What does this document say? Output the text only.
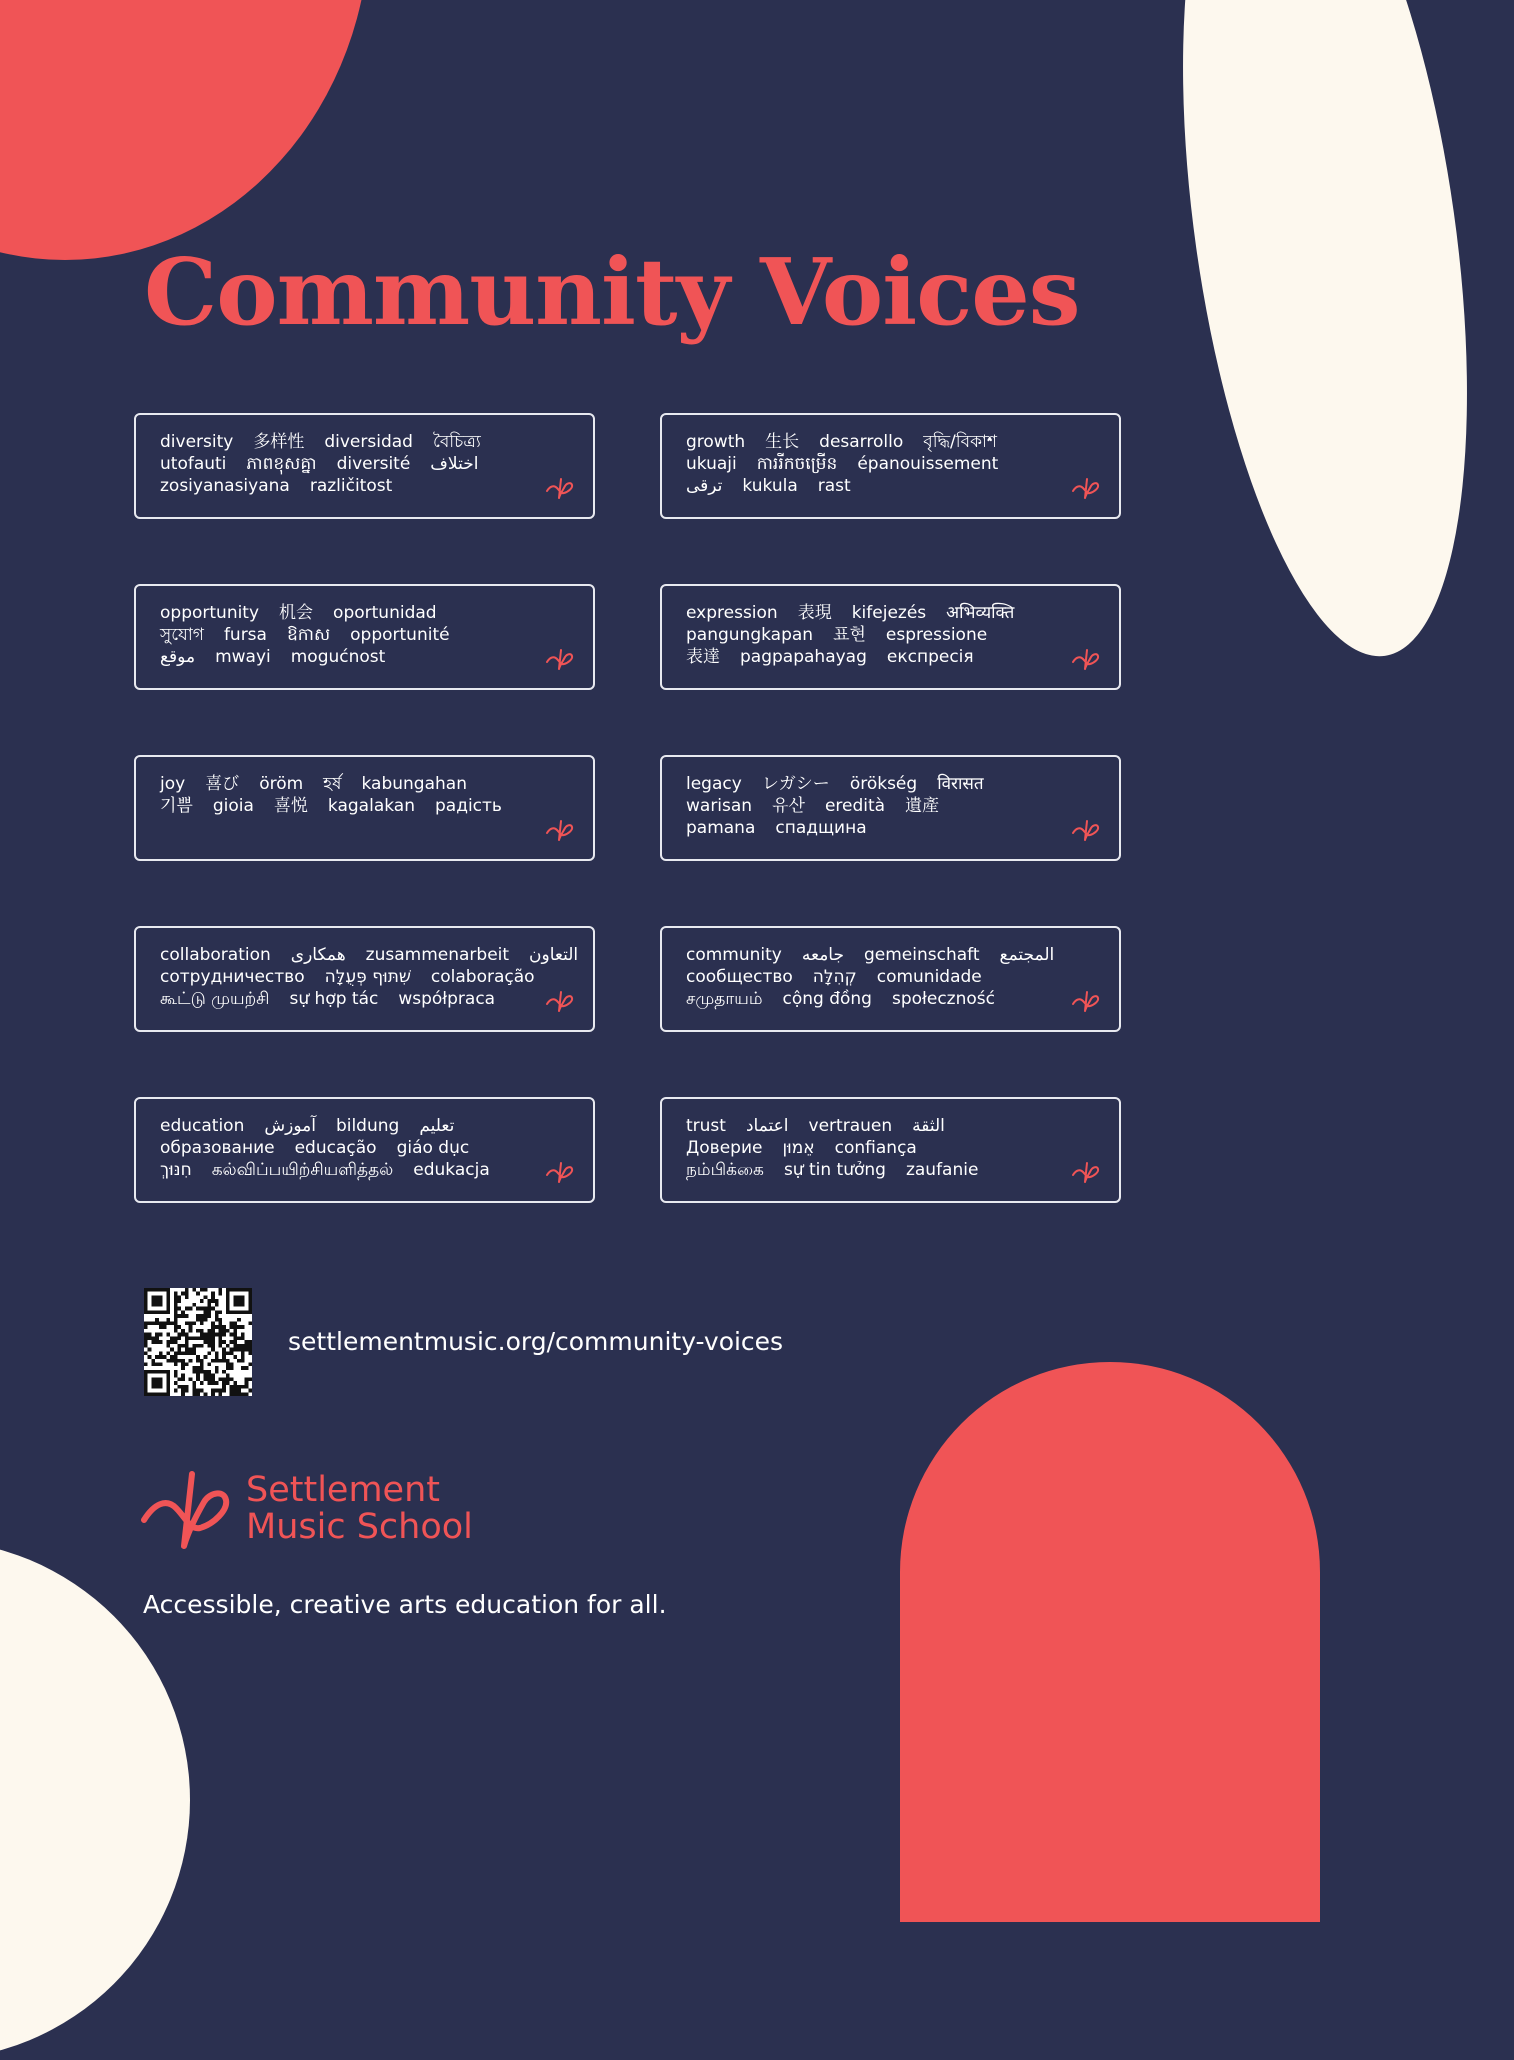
Community Voices
diversity 多样性 diversidad বৈচিত্র্য
utofauti ភាពខុសគ្នា diversité اختلاف
zosiyanasiyana različitost
growth 生长 desarrollo বৃদ্ধি/বিকাশ
ukuaji ការរីកចម្រើន épanouissement
ترقی kukula rast
opportunity 机会 oportunidad
সুযোগ fursa ឱកាស opportunité
موقع mwayi mogućnost
expression 表現 kifejezés अभिव्यक्ति
pangungkapan 표현 espressione
表達 pagpapahayag експресія
joy 喜び öröm হর্ষ kabungahan
기쁨 gioia 喜悦 kagalakan радість
legacy レガシー örökség विरासत
warisan 유산 eredità 遺產
pamana спадщина
collaboration همکاری zusammenarbeit التعاون
сотрудничество שִׁתּוּף פְּעֻלָּה colaboração
கூட்டு முயற்சி sự hợp tác współpraca
community جامعه gemeinschaft المجتمع
сообщество קְהִלָּה comunidade
சமுதாயம் cộng đồng społeczność
education آموزش bildung تعليم
образование educação giáo dục
חִנּוּךְ கல்விப்பயிற்சியளித்தல் edukacja
trust اعتماد vertrauen الثقة
Доверие אֵמוּן confiança
நம்பிக்கை sự tin tưởng zaufanie

settlementmusic.org/community-voices

Settlement
Music School

Accessible, creative arts education for all.
